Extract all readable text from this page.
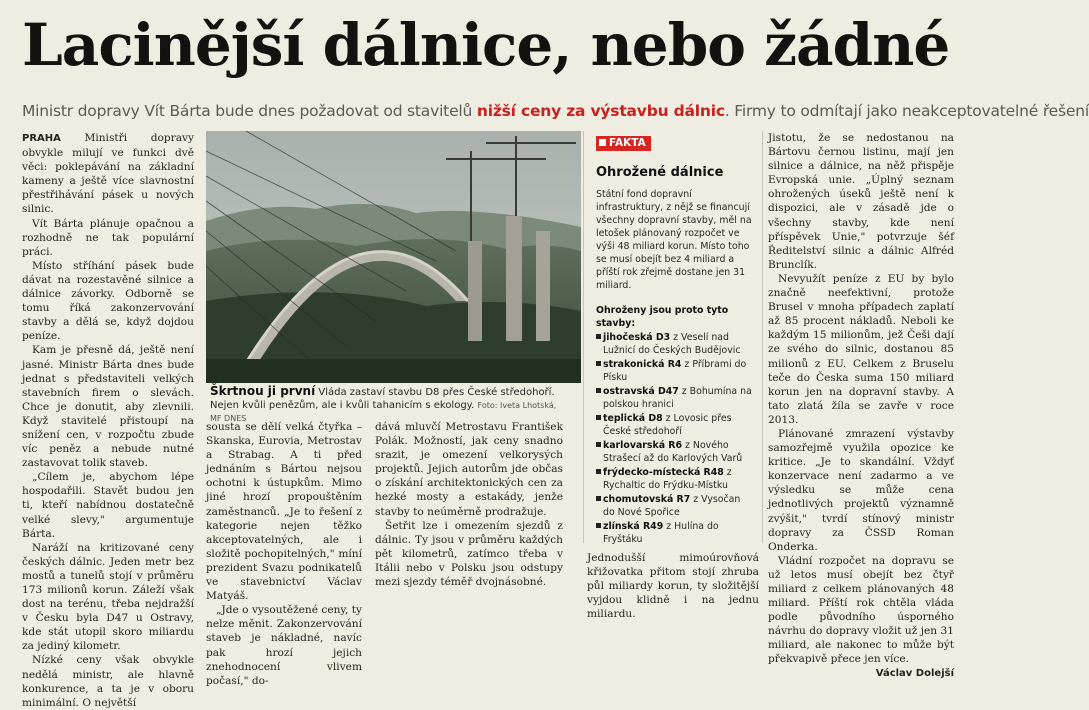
Lacinější dálnice, nebo žádné
Ministr dopravy Vít Bárta bude dnes požadovat od stavitelů nižší ceny za výstavbu dálnic. Firmy to odmítají jako neakceptovatelné řešení

PRAHA Ministři dopravy obvykle milují ve funkci dvě věci: poklepávání na základní kameny a ještě více slavnostní přestřihávání pásek u nových silnic.

Vít Bárta plánuje opačnou a rozhodně ne tak populární práci.

Místo stříhání pásek bude dávat na rozestavěné silnice a dálnice závorky. Odborně se tomu říká zakonzervování stavby a dělá se, když dojdou peníze.

Kam je přesně dá, ještě není jasné. Ministr Bárta dnes bude jednat s představiteli velkých stavebních firem o slevách. Chce je donutit, aby zlevnili. Když stavitelé přistoupí na snížení cen, v rozpočtu zbude víc peněz a nebude nutné zastavovat tolik staveb.

„Cílem je, abychom lépe hospodařili. Stavět budou jen ti, kteří nabídnou dostatečně velké slevy," argumentuje Bárta.

Naráží na kritizované ceny českých dálnic. Jeden metr bez mostů a tunelů stojí v průměru 173 milionů korun. Záleží však dost na terénu, třeba nejdražší v Česku byla D47 u Ostravy, kde stát utopil skoro miliardu za jediný kilometr.

Nízké ceny však obvykle nedělá ministr, ale hlavně konkurence, a ta je v oboru minimální. O největší

Škrtnou ji první Vláda zastaví stavbu D8 přes České středohoří. Nejen kvůli penězům, ale i kvůli tahanicím s ekology. Foto: Iveta Lhotská, MF DNES

sousta se dělí velká čtyřka – Skanska, Eurovia, Metrostav a Strabag. A ti před jednáním s Bártou nejsou ochotni k ústupkům. Mimo jiné hrozí propouštěním zaměstnanců. „Je to řešení z kategorie nejen těžko akceptovatelných, ale i složitě pochopitelných," míní prezident Svazu podnikatelů ve stavebnictví Václav Matyáš.

„Jde o vysoutěžené ceny, ty nelze měnit. Zakonzervování staveb je nákladné, navíc pak hrozí jejich znehodnocení vlivem počasí," do-

dává mluvčí Metrostavu František Polák. Možností, jak ceny snadno srazit, je omezení velkorysých projektů. Jejich autorům jde občas o získání architektonických cen za hezké mosty a estakády, jenže stavby to neúměrně prodražuje.

Šetřit lze i omezením sjezdů z dálnic. Ty jsou v průměru každých pět kilometrů, zatímco třeba v Itálii nebo v Polsku jsou odstupy mezi sjezdy téměř dvojnásobné.

FAKTA
Ohrožené dálnice
Státní fond dopravní infrastruktury, z nějž se financují všechny dopravní stavby, měl na letošek plánovaný rozpočet ve výši 48 miliard korun. Místo toho se musí obejít bez 4 miliard a příští rok zřejmě dostane jen 31 miliard.
Ohroženy jsou proto tyto stavby:
jihočeská D3 z Veselí nad Lužnicí do Českých Budějovic
strakonická R4 z Příbrami do Písku
ostravská D47 z Bohumína na polskou hranici
teplická D8 z Lovosic přes České středohoří
karlovarská R6 z Nového Strašecí až do Karlových Varů
frýdecko-místecká R48 z Rychaltic do Frýdku-Místku
chomutovská R7 z Vysočan do Nové Spořice
zlínská R49 z Hulína do Fryštáku

Jednodušší mimoúrovňová křižovatka přitom stojí zhruba půl miliardy korun, ty složitější vyjdou klidně i na jednu miliardu.

Jistotu, že se nedostanou na Bártovu černou listinu, mají jen silnice a dálnice, na něž přispěje Evropská unie. „Úplný seznam ohrožených úseků ještě není k dispozici, ale v zásadě jde o všechny stavby, kde není příspěvek Unie," potvrzuje šéf Ředitelství silnic a dálnic Alfréd Brunclík.

Nevyužít peníze z EU by bylo značně neefektivní, protože Brusel v mnoha případech zaplatí až 85 procent nákladů. Neboli ke každým 15 milionům, jež Češi dají ze svého do silnic, dostanou 85 milionů z EU. Celkem z Bruselu teče do Česka suma 150 miliard korun jen na dopravní stavby. A tato zlatá žíla se zavře v roce 2013.

Plánované zmrazení výstavby samozřejmě využila opozice ke kritice. „Je to skandální. Vždyť konzervace není zadarmo a ve výsledku se může cena jednotlivých projektů významně zvýšit," tvrdí stínový ministr dopravy za ČSSD Roman Onderka.

Vládní rozpočet na dopravu se už letos musí obejít bez čtyř miliard z celkem plánovaných 48 miliard. Příští rok chtěla vláda podle původního úsporného návrhu do dopravy vložit už jen 31 miliard, ale nakonec to může být překvapivě přece jen více.

Václav Dolejší
